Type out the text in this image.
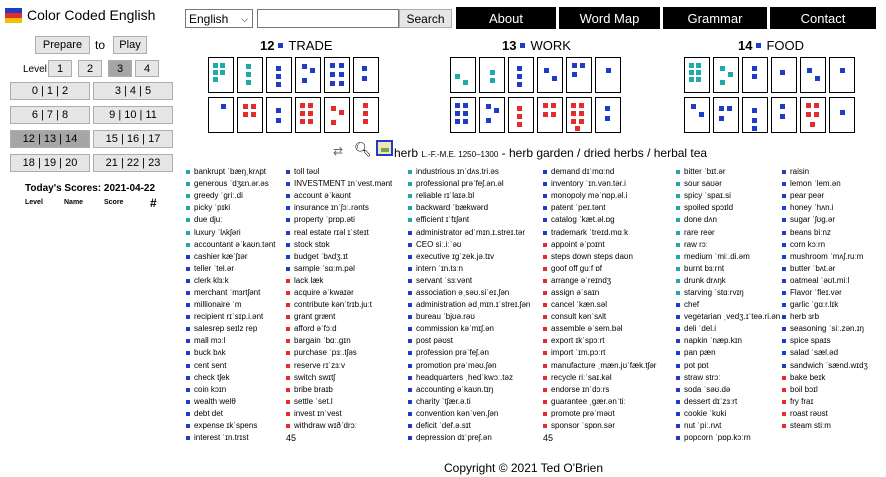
Color Coded English
Prepare	to	Play
Level 1	2	3	4
0 | 1 | 2	3 | 4 | 5
6 | 7 | 8	9 | 10 | 11
12 | 13 | 14	15 | 16 | 17
18 | 19 | 20	21 | 22 | 23
Today's Scores: 2021-04-22
Level	Name	Score #
English ⌵	Search	About	Word Map	Grammar	Contact
12 TRADE	13 WORK	14 FOOD
⇄ 🔍︎ herb L.-F.-M.E. 1250–1300 - herb garden / dried herbs / herbal tea
bankrupt ˈbæŋˌkrʌpt
generous ˈdʒɛn.ər.əs
greedy ˈɡriː.di
picky ˈpɪki
due djuː
luxury ˈlʌkʃəri
accountant əˈkaʊn.tənt
cashier kæˈʃɪər
teller ˈtel.ər
clerk klɜːk
merchant ˈmɜrtʃənt
millionaire ˈm
recipient rɪˈsɪp.i.ənt
salesrep seɪlz rep
mall mɔːl
buck bʌk
cent sent
check tʃek
coin kɔɪn
wealth welθ
debt det
expense ɪkˈspens
interest ˈɪn.trɪst
toll təʊl
INVESTMENT ɪnˈvest.mənt
account əˈkaʊnt
insurance ɪnˈʃɔː.rənts
property ˈprɒp.əti
real estate rɪəl ɪˈsteɪt
stock stɒk
budget ˈbʌdʒ.ɪt
sample ˈsɑːm.pəl
lack læk
acquire əˈkwaɪər
contribute kənˈtrɪb.juːt
grant ɡrænt
afford əˈfɔːd
bargain ˈbɑː.ɡɪn
purchase ˈpɜː.tʃəs
reserve rɪˈzɜːv
switch swɪtʃ
bribe braɪb
settle ˈset.l
invest ɪnˈvest
withdraw wɪðˈdrɔː
45
industrious ɪnˈdʌs.tri.əs
professional prəˈfeʃ.ən.əl
reliable rɪˈlaɪə.bl
backward ˈbækwərd
efficient ɪˈfɪʃənt
administrator ədˈmɪn.ɪ.streɪ.tər
CEO siː.iːˈəʊ
executive ɪɡˈzek.jə.tɪv
intern ˈɪn.tɜːn
servant ˈsɜːvənt
association əˌsəʊ.siˈeɪ.ʃən
administration ədˌmɪn.ɪˈstreɪ.ʃən
bureau ˈbjʊə.rəʊ
commission kəˈmɪʃ.ən
post pəʊst
profession prəˈfeʃ.ən
promotion prəˈməʊ.ʃən
headquarters ˌhedˈkwɔː.təz
accounting əˈkaʊn.tɪŋ
charity ˈtʃær.ə.ti
convention kənˈven.ʃən
deficit ˈdef.ə.sɪt
depression dɪˈpreʃ.ən
demand dɪˈmɑːnd
inventory ˈɪn.vən.tər.i
monopoly məˈnɒp.əl.i
patent ˈpeɪ.tənt
catalog ˈkæt.əl.ɒɡ
trademark ˈtreɪd.mɑːk
appoint əˈpɔɪnt
steps down steps daʊn
goof off ɡuːf ɒf
arrange əˈreɪndʒ
assign əˈsaɪn
cancel ˈkæn.səl
consult kənˈsʌlt
assemble əˈsem.bəl
export ɪkˈspɔːrt
import ˈɪm.pɔːrt
manufacture ˌmæn.jʊˈfæk.tʃər
recycle riːˈsaɪ.kəl
endorse ɪnˈdɔːrs
guarantee ˌɡær.ənˈtiː
promote prəˈməʊt
sponsor ˈspɒn.sər
45
bitter ˈbɪt.ər
sour saʊər
spicy ˈspaɪ.si
spoiled spɔɪld
done dʌn
rare reər
raw rɔː
medium ˈmiː.di.əm
burnt bɜːrnt
drunk drʌŋk
starving ˈstɑːrvɪŋ
chef
vegetarian ˌvedʒ.ɪˈteə.ri.ən
deli ˈdel.i
napkin ˈnæp.kɪn
pan pæn
pot pɒt
straw strɔː
soda ˈsəʊ.də
dessert dɪˈzɜːrt
cookie ˈkʊki
nut ˈpiː.nʌt
popcorn ˈpɒp.kɔːrn
raisin
lemon ˈlem.ən
pear peər
honey ˈhʌn.i
sugar ˈʃʊɡ.ər
beans biːnz
corn kɔːrn
mushroom ˈmʌʃ.ruːm
butter ˈbʌt.ər
oatmeal ˈəʊt.miːl
Flavor ˈfleɪ.vər
garlic ˈɡɑːr.lɪk
herb ɜrb
seasoning ˈsiː.zən.ɪŋ
spice spaɪs
salad ˈsæl.əd
sandwich ˈsænd.wɪdʒ
bake beɪk
boil bɔɪl
fry fraɪ
roast rəʊst
steam stiːm
Copyright © 2021 Ted O'Brien
